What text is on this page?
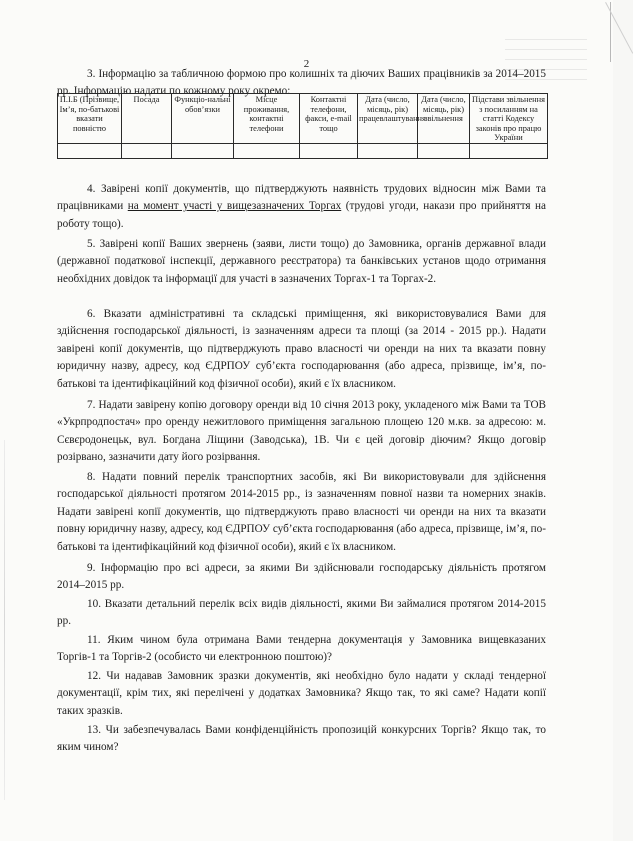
2

3. Інформацію за табличною формою про колишніх та діючих Ваших працівників за 2014–2015 рр. Інформацію надати по кожному року окремо:

П.І.Б (Прізвище, Ім’я, по-батькові вказати повністю	Посада	Функціо-нальні обов’язки	Місце проживання, контактні телефони	Контактні телефони, факси, e-mail тощо	Дата (число, місяць, рік) працевлаштування	Дата (число, місяць, рік) звільнення	Підстави звільнення з посиланням на статті Кодексу законів про працю України

4. Завірені копії документів, що підтверджують наявність трудових відносин між Вами та працівниками на момент участі у вищезазначених Торгах (трудові угоди, накази про прийняття на роботу тощо).

5. Завірені копії Ваших звернень (заяви, листи тощо) до Замовника, органів державної влади (державної податкової інспекції, державного реєстратора) та банківських установ щодо отримання необхідних довідок та інформації для участі в зазначених Торгах-1 та Торгах-2.

6. Вказати адміністративні та складські приміщення, які використовувалися Вами для здійснення господарської діяльності, із зазначенням адреси та площі (за 2014 - 2015 рр.). Надати завірені копії документів, що підтверджують право власності чи оренди на них та вказати повну юридичну назву, адресу, код ЄДРПОУ суб’єкта господарювання (або адреса, прізвище, ім’я, по-батькові та ідентифікаційний код фізичної особи), який є їх власником.

7. Надати завірену копію договору оренди від 10 січня 2013 року, укладеного між Вами та ТОВ «Укрпродпостач» про оренду нежитлового приміщення загальною площею 120 м.кв. за адресою: м. Сєвєродонецьк, вул. Богдана Ліщини (Заводська), 1В. Чи є цей договір діючим? Якщо договір розірвано, зазначити дату його розірвання.

8. Надати повний перелік транспортних засобів, які Ви використовували для здійснення господарської діяльності протягом 2014-2015 рр., із зазначенням повної назви та номерних знаків. Надати завірені копії документів, що підтверджують право власності чи оренди на них та вказати повну юридичну назву, адресу, код ЄДРПОУ суб’єкта господарювання (або адреса, прізвище, ім’я, по-батькові та ідентифікаційний код фізичної особи), який є їх власником.

9. Інформацію про всі адреси, за якими Ви здійснювали господарську діяльність протягом 2014–2015 рр.

10. Вказати детальний перелік всіх видів діяльності, якими Ви займалися протягом 2014-2015 рр.

11. Яким чином була отримана Вами тендерна документація у Замовника вищевказаних Торгів-1 та Торгів-2 (особисто чи електронною поштою)?

12. Чи надавав Замовник зразки документів, які необхідно було надати у складі тендерної документації, крім тих, які перелічені у додатках Замовника? Якщо так, то які саме? Надати копії таких зразків.

13. Чи забезпечувалась Вами конфіденційність пропозицій конкурсних Торгів? Якщо так, то яким чином?
